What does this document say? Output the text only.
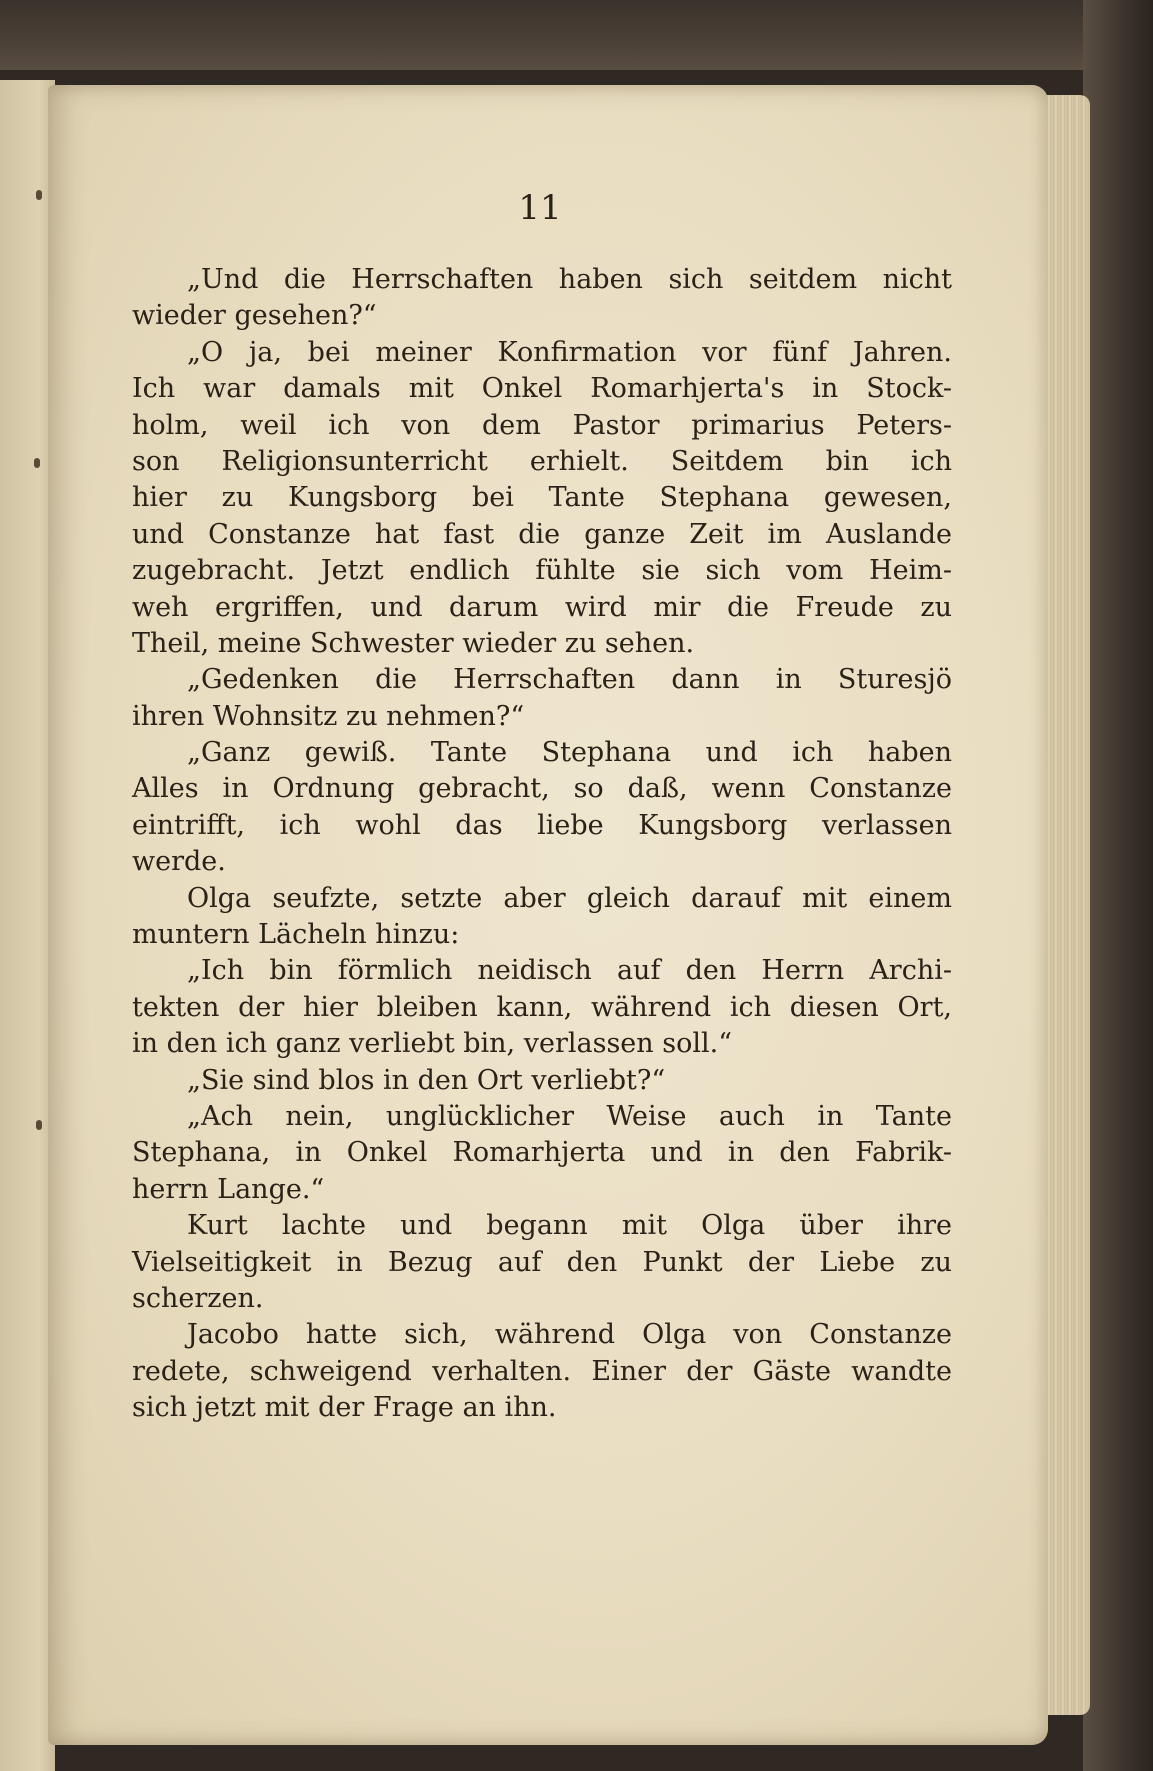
11
„Und die Herrschaften haben sich seitdem nicht
wieder gesehen?“
„O ja, bei meiner Konfirmation vor fünf Jahren.
Ich war damals mit Onkel Romarhjerta's in Stock-
holm, weil ich von dem Pastor primarius Peters-
son Religionsunterricht erhielt. Seitdem bin ich
hier zu Kungsborg bei Tante Stephana gewesen,
und Constanze hat fast die ganze Zeit im Auslande
zugebracht. Jetzt endlich fühlte sie sich vom Heim-
weh ergriffen, und darum wird mir die Freude zu
Theil, meine Schwester wieder zu sehen.
„Gedenken die Herrschaften dann in Sturesjö
ihren Wohnsitz zu nehmen?“
„Ganz gewiß. Tante Stephana und ich haben
Alles in Ordnung gebracht, so daß, wenn Constanze
eintrifft, ich wohl das liebe Kungsborg verlassen
werde.
Olga seufzte, setzte aber gleich darauf mit einem
muntern Lächeln hinzu:
„Ich bin förmlich neidisch auf den Herrn Archi-
tekten der hier bleiben kann, während ich diesen Ort,
in den ich ganz verliebt bin, verlassen soll.“
„Sie sind blos in den Ort verliebt?“
„Ach nein, unglücklicher Weise auch in Tante
Stephana, in Onkel Romarhjerta und in den Fabrik-
herrn Lange.“
Kurt lachte und begann mit Olga über ihre
Vielseitigkeit in Bezug auf den Punkt der Liebe zu
scherzen.
Jacobo hatte sich, während Olga von Constanze
redete, schweigend verhalten. Einer der Gäste wandte
sich jetzt mit der Frage an ihn.
